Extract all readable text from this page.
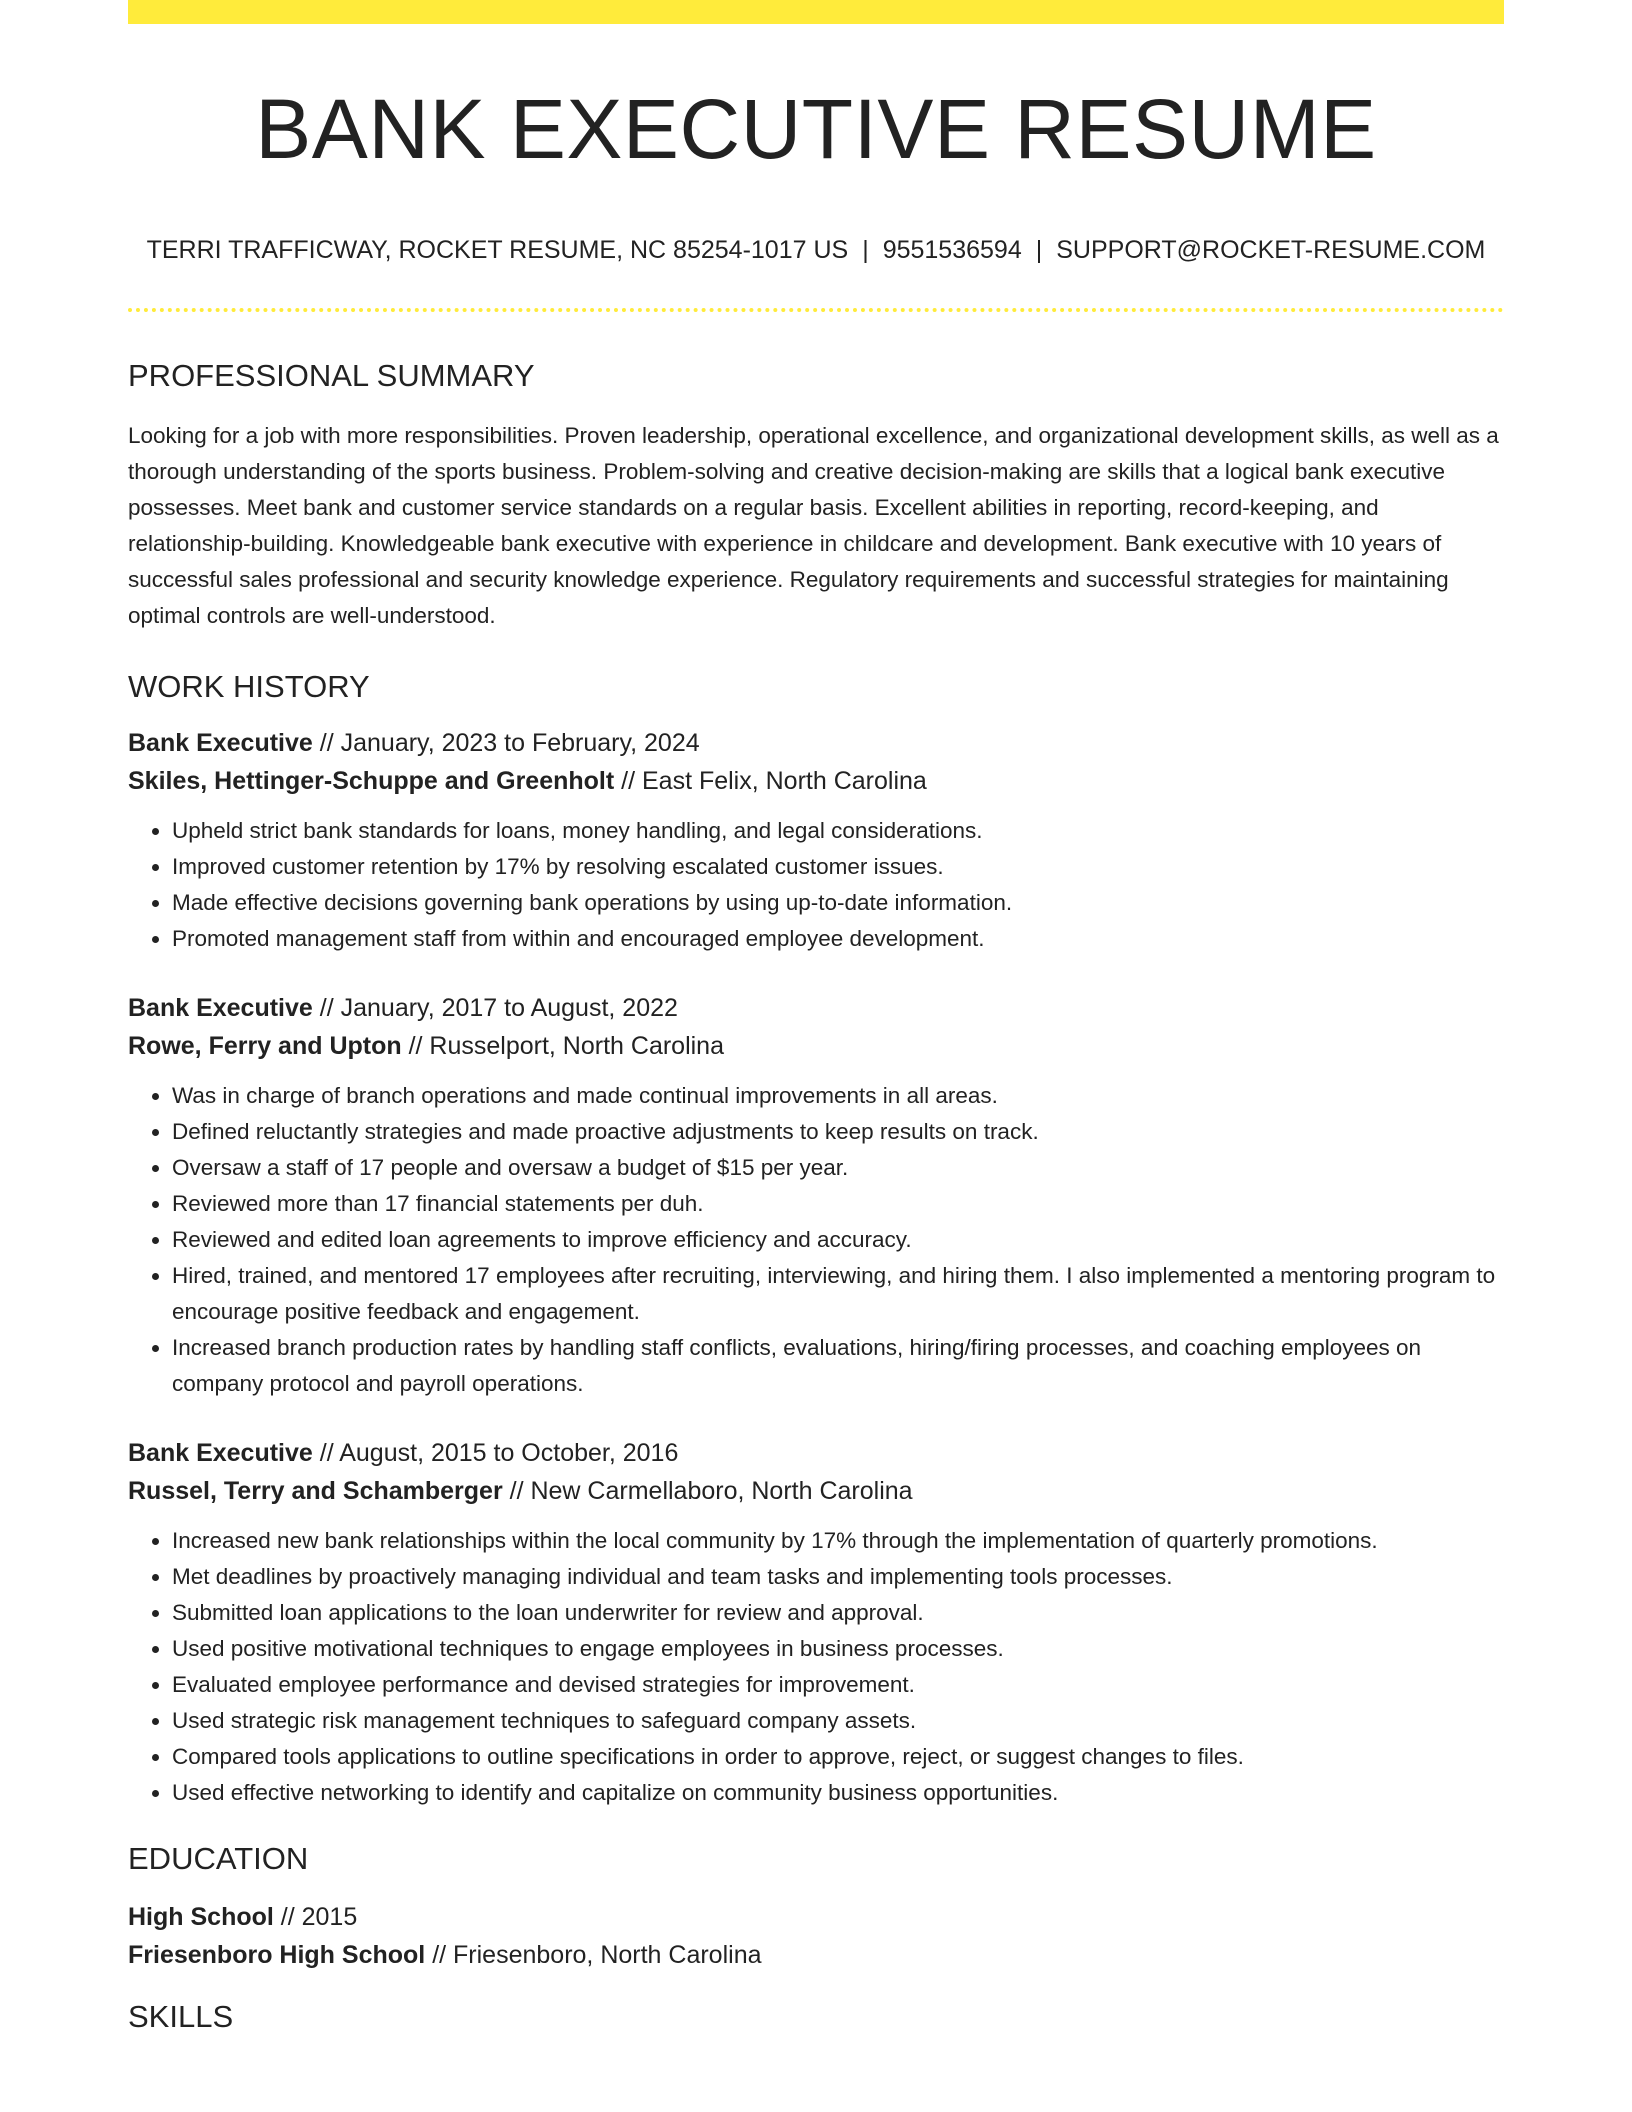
BANK EXECUTIVE RESUME
TERRI TRAFFICWAY, ROCKET RESUME, NC 85254-1017 US | 9551536594 | SUPPORT@ROCKET-RESUME.COM
PROFESSIONAL SUMMARY
Looking for a job with more responsibilities. Proven leadership, operational excellence, and organizational development skills, as well as a thorough understanding of the sports business. Problem-solving and creative decision-making are skills that a logical bank executive possesses. Meet bank and customer service standards on a regular basis. Excellent abilities in reporting, record-keeping, and relationship-building. Knowledgeable bank executive with experience in childcare and development. Bank executive with 10 years of successful sales professional and security knowledge experience. Regulatory requirements and successful strategies for maintaining optimal controls are well-understood.
WORK HISTORY

Bank Executive // January, 2023 to February, 2024

Skiles, Hettinger-Schuppe and Greenholt // East Felix, North Carolina

• Upheld strict bank standards for loans, money handling, and legal considerations.
• Improved customer retention by 17% by resolving escalated customer issues.
• Made effective decisions governing bank operations by using up-to-date information.
• Promoted management staff from within and encouraged employee development.

Bank Executive // January, 2017 to August, 2022

Rowe, Ferry and Upton // Russelport, North Carolina

• Was in charge of branch operations and made continual improvements in all areas.
• Defined reluctantly strategies and made proactive adjustments to keep results on track.
• Oversaw a staff of 17 people and oversaw a budget of $15 per year.
• Reviewed more than 17 financial statements per duh.
• Reviewed and edited loan agreements to improve efficiency and accuracy.
• Hired, trained, and mentored 17 employees after recruiting, interviewing, and hiring them. I also implemented a mentoring program to encourage positive feedback and engagement.
• Increased branch production rates by handling staff conflicts, evaluations, hiring/firing processes, and coaching employees on company protocol and payroll operations.

Bank Executive // August, 2015 to October, 2016

Russel, Terry and Schamberger // New Carmellaboro, North Carolina

• Increased new bank relationships within the local community by 17% through the implementation of quarterly promotions.
• Met deadlines by proactively managing individual and team tasks and implementing tools processes.
• Submitted loan applications to the loan underwriter for review and approval.
• Used positive motivational techniques to engage employees in business processes.
• Evaluated employee performance and devised strategies for improvement.
• Used strategic risk management techniques to safeguard company assets.
• Compared tools applications to outline specifications in order to approve, reject, or suggest changes to files.
• Used effective networking to identify and capitalize on community business opportunities.
EDUCATION

High School // 2015

Friesenboro High School // Friesenboro, North Carolina

SKILLS
